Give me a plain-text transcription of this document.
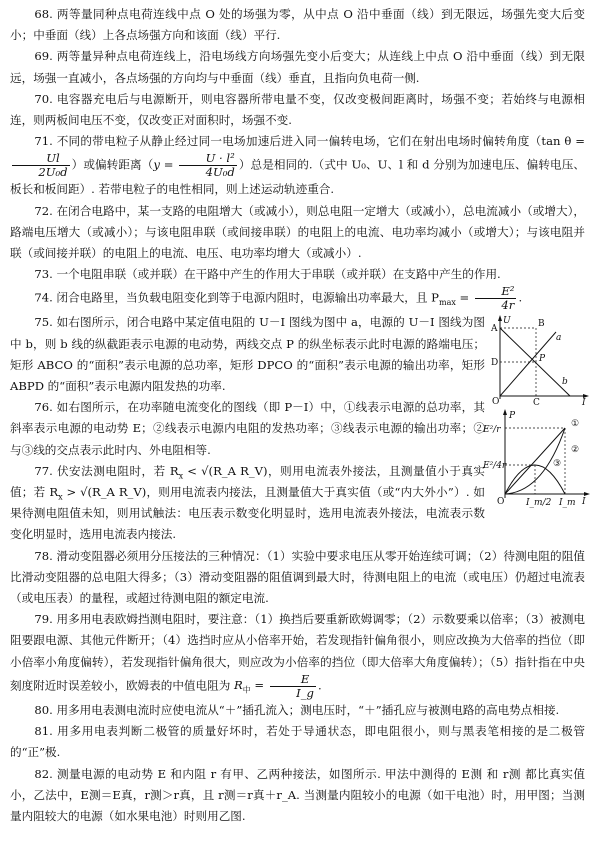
68. 两等量同种点电荷连线中点 O 处的场强为零，从中点 O 沿中垂面（线）到无限远，场强先变大后变小；中垂面（线）上各点场强方向和该面（线）平行.

69. 两等量异种点电荷连线上，沿电场线方向场强先变小后变大；从连线上中点 O 沿中垂面（线）到无限远，场强一直减小，各点场强的方向均与中垂面（线）垂直，且指向负电荷一侧.

70. 电容器充电后与电源断开，则电容器所带电量不变，仅改变极间距离时，场强不变；若始终与电源相连，则两板间电压不变，仅改变正对面积时，场强不变.

71. 不同的带电粒子从静止经过同一电场加速后进入同一偏转电场，它们在射出电场时偏转角度（tan θ =
$\frac{Ul}{\text{2U₀d}}$ ）或偏转距离（$y = \frac{\text{U · l²}}{\text{4U₀d}}$ ）总是相同的.（式中 U₀、U、l 和 d 分别为加速电压、偏转电压、板长和板间距）. 若带电粒子的电性相同，则上述运动轨迹重合.

72. 在闭合电路中，某一支路的电阻增大（或减小），则总电阻一定增大（或减小），总电流减小（或增大），路端电压增大（或减小）；与该电阻串联（或间接串联）的电阻上的电流、电功率均减小（或增大）；与该电阻并联（或间接并联）的电阻上的电流、电压、电功率均增大（或减小）.

73. 一个电阻串联（或并联）在干路中产生的作用大于串联（或并联）在支路中产生的作用.

74. 闭合电路里，当负载电阻变化到等于电源内阻时，电源输出功率最大，且 $P_{max} = \frac{\text{E²}}{4r}$ .

75. 如右图所示，闭合电路中某定值电阻的 U－I 图线为图中 a，电源的 U－I 图线为图中 b，则 b 线的纵截距表示电源的电动势，两线交点 P 的纵坐标表示此时电源的路端电压；矩形 ABCO 的“面积”表示电源的总功率，矩形 DPCO 的“面积”表示电源的输出功率，矩形 ABPD 的“面积”表示电源内阻发热的功率.

76. 如右图所示，在功率随电流变化的图线（即 P－I）中，①线表示电源的总功率，其斜率表示电源的电动势 E；②线表示电源内电阻的发热功率；③线表示电源的输出功率；②与③线的交点表示此时内、外电阻相等.

77. 伏安法测电阻时，若 $R_x$ < √(R_A R_V)，则用电流表外接法，且测量值小于真实值；若 $R_x$ > √(R_A R_V)，则用电流表内接法，且测量值大于真实值（或“内大外小”）. 如果待测电阻值未知，则用试触法：电压表示数变化明显时，选用电流表外接法，电流表示数变化明显时，选用电流表内接法.

78. 滑动变阻器必须用分压接法的三种情况：（1）实验中要求电压从零开始连续可调；（2）待测电阻的阻值比滑动变阻器的总电阻大得多；（3）滑动变阻器的阻值调到最大时，待测电阻上的电流（或电压）仍超过电流表（或电压表）的量程，或超过待测电阻的额定电流.

79. 用多用电表欧姆挡测电阻时，要注意：（1）换挡后要重新欧姆调零；（2）示数要乘以倍率；（3）被测电阻要跟电源、其他元件断开；（4）选挡时应从小倍率开始，若发现指针偏角很小，则应改换为大倍率的挡位（即小倍率小角度偏转），若发现指针偏角很大，则应改为小倍率的挡位（即大倍率大角度偏转）；（5）指针指在中央刻度附近时误差较小，欧姆表的中值电阻为 $R_中 = \frac{E}{I\_g}$ .

80. 用多用电表测电流时应使电流从“＋”插孔流入；测电压时，“＋”插孔应与被测电路的高电势点相接.

81. 用多用电表判断二极管的质量好坏时，若处于导通状态，即电阻很小，则与黑表笔相接的是二极管的“正”极.

82. 测量电源的电动势 E 和内阻 r 有甲、乙两种接法，如图所示. 甲法中测得的 E测 和 r测 都比真实值小，乙法中，E测＝E真，r测＞r真，且 r测＝r真＋r_A. 当测量内阻较小的电源（如干电池）时，用甲图；当测量内阻较大的电源（如水果电池）时则用乙图.

U
A	B
D	P
a
b
O	C	I
P
E²/r
E²/4r
①
②
③
O I_m/2 I_m I
